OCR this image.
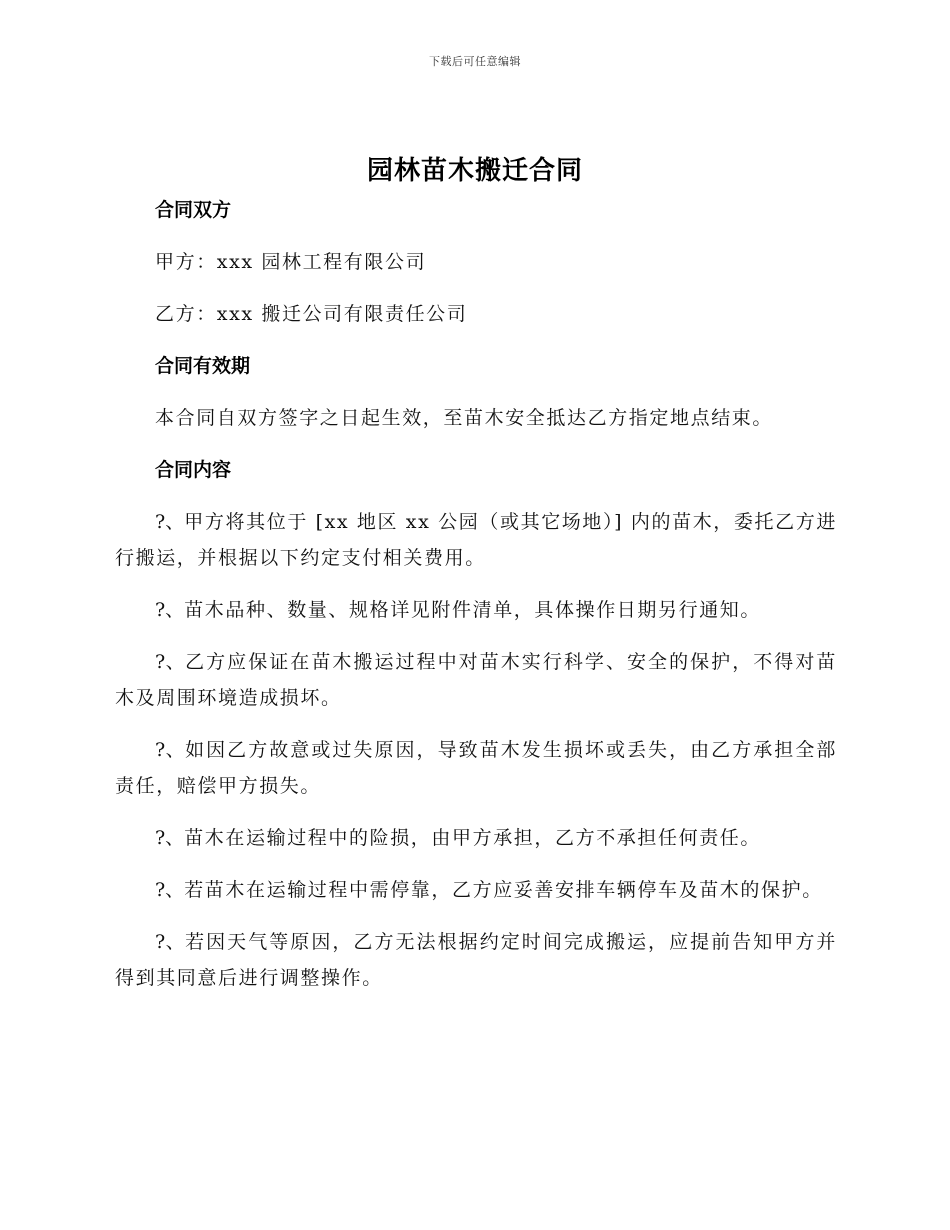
下载后可任意编辑
园林苗木搬迁合同
合同双方

甲方：xxx 园林工程有限公司

乙方：xxx 搬迁公司有限责任公司

合同有效期

本合同自双方签字之日起生效，至苗木安全抵达乙方指定地点结束。

合同内容

?、甲方将其位于 [xx 地区 xx 公园（或其它场地）] 内的苗木，委托乙方进行搬运，并根据以下约定支付相关费用。

?、苗木品种、数量、规格详见附件清单，具体操作日期另行通知。

?、乙方应保证在苗木搬运过程中对苗木实行科学、安全的保护，不得对苗木及周围环境造成损坏。

?、如因乙方故意或过失原因，导致苗木发生损坏或丢失，由乙方承担全部责任，赔偿甲方损失。

?、苗木在运输过程中的险损，由甲方承担，乙方不承担任何责任。

?、若苗木在运输过程中需停靠，乙方应妥善安排车辆停车及苗木的保护。

?、若因天气等原因，乙方无法根据约定时间完成搬运，应提前告知甲方并得到其同意后进行调整操作。
